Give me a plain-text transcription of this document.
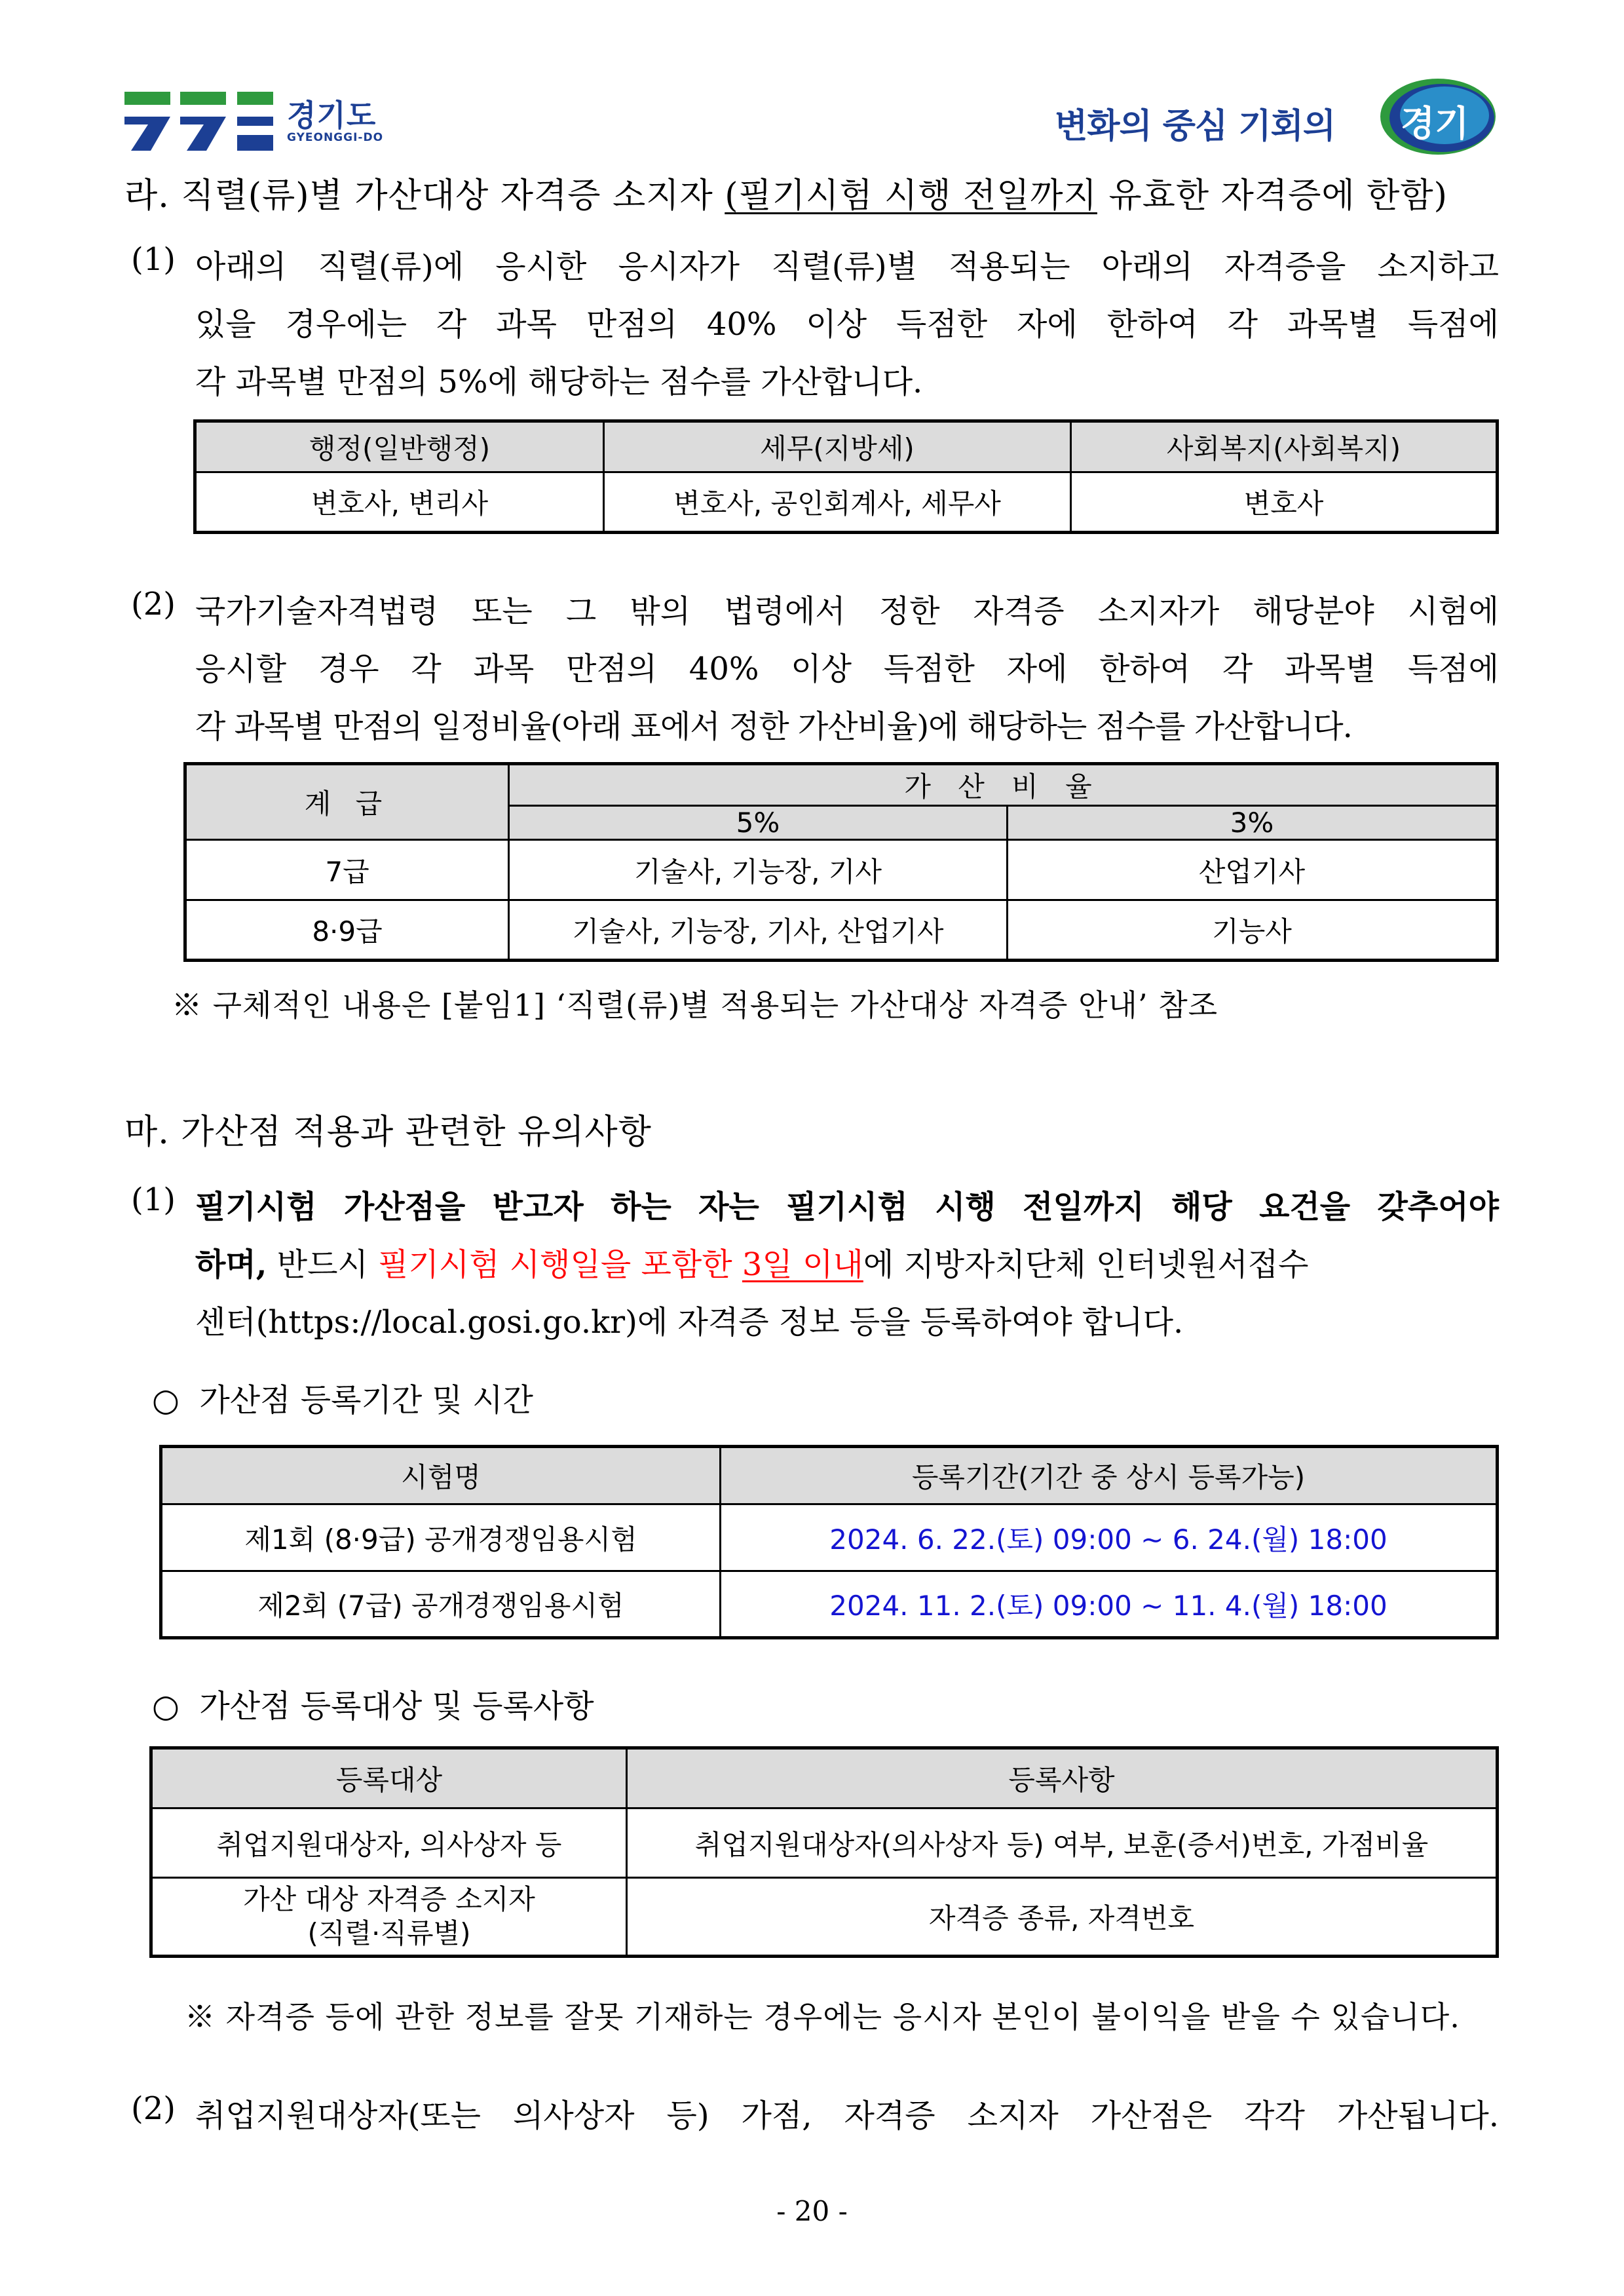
경기도
GYEONGGI-DO	변화의 중심 기회의 경기
라. 직렬(류)별 가산대상 자격증 소지자 (필기시험 시행 전일까지 유효한 자격증에 한함)
(1) 아래의 직렬(류)에 응시한 응시자가 직렬(류)별 적용되는 아래의 자격증을 소지하고
있을 경우에는 각 과목 만점의 40% 이상 득점한 자에 한하여 각 과목별 득점에
각 과목별 만점의 5%에 해당하는 점수를 가산합니다.
행정(일반행정)	세무(지방세)	사회복지(사회복지)
변호사, 변리사	변호사, 공인회계사, 세무사	변호사
(2) 국가기술자격법령 또는 그 밖의 법령에서 정한 자격증 소지자가 해당분야 시험에
응시할 경우 각 과목 만점의 40% 이상 득점한 자에 한하여 각 과목별 득점에
각 과목별 만점의 일정비율(아래 표에서 정한 가산비율)에 해당하는 점수를 가산합니다.
계 급	가 산 비 율	
	5%	3%
7급	기술사, 기능장, 기사	산업기사
8·9급	기술사, 기능장, 기사, 산업기사	기능사
※ 구체적인 내용은 [붙임1] ‘직렬(류)별 적용되는 가산대상 자격증 안내’ 참조
마. 가산점 적용과 관련한 유의사항
(1) 필기시험 가산점을 받고자 하는 자는 필기시험 시행 전일까지 해당 요건을 갖추어야
하며, 반드시 필기시험 시행일을 포함한 3일 이내에 지방자치단체 인터넷원서접수
센터(https://local.gosi.go.kr)에 자격증 정보 등을 등록하여야 합니다.
○ 가산점 등록기간 및 시간
시험명	등록기간(기간 중 상시 등록가능)
제1회 (8·9급) 공개경쟁임용시험	2024. 6. 22.(토) 09:00 ∼ 6. 24.(월) 18:00
제2회 (7급) 공개경쟁임용시험	2024. 11. 2.(토) 09:00 ∼ 11. 4.(월) 18:00
○ 가산점 등록대상 및 등록사항
등록대상	등록사항
취업지원대상자, 의사상자 등	취업지원대상자(의사상자 등) 여부, 보훈(증서)번호, 가점비율
가산 대상 자격증 소지자
(직렬·직류별)	자격증 종류, 자격번호
※ 자격증 등에 관한 정보를 잘못 기재하는 경우에는 응시자 본인이 불이익을 받을 수 있습니다.
(2) 취업지원대상자(또는 의사상자 등) 가점, 자격증 소지자 가산점은 각각 가산됩니다.
- 20 -
